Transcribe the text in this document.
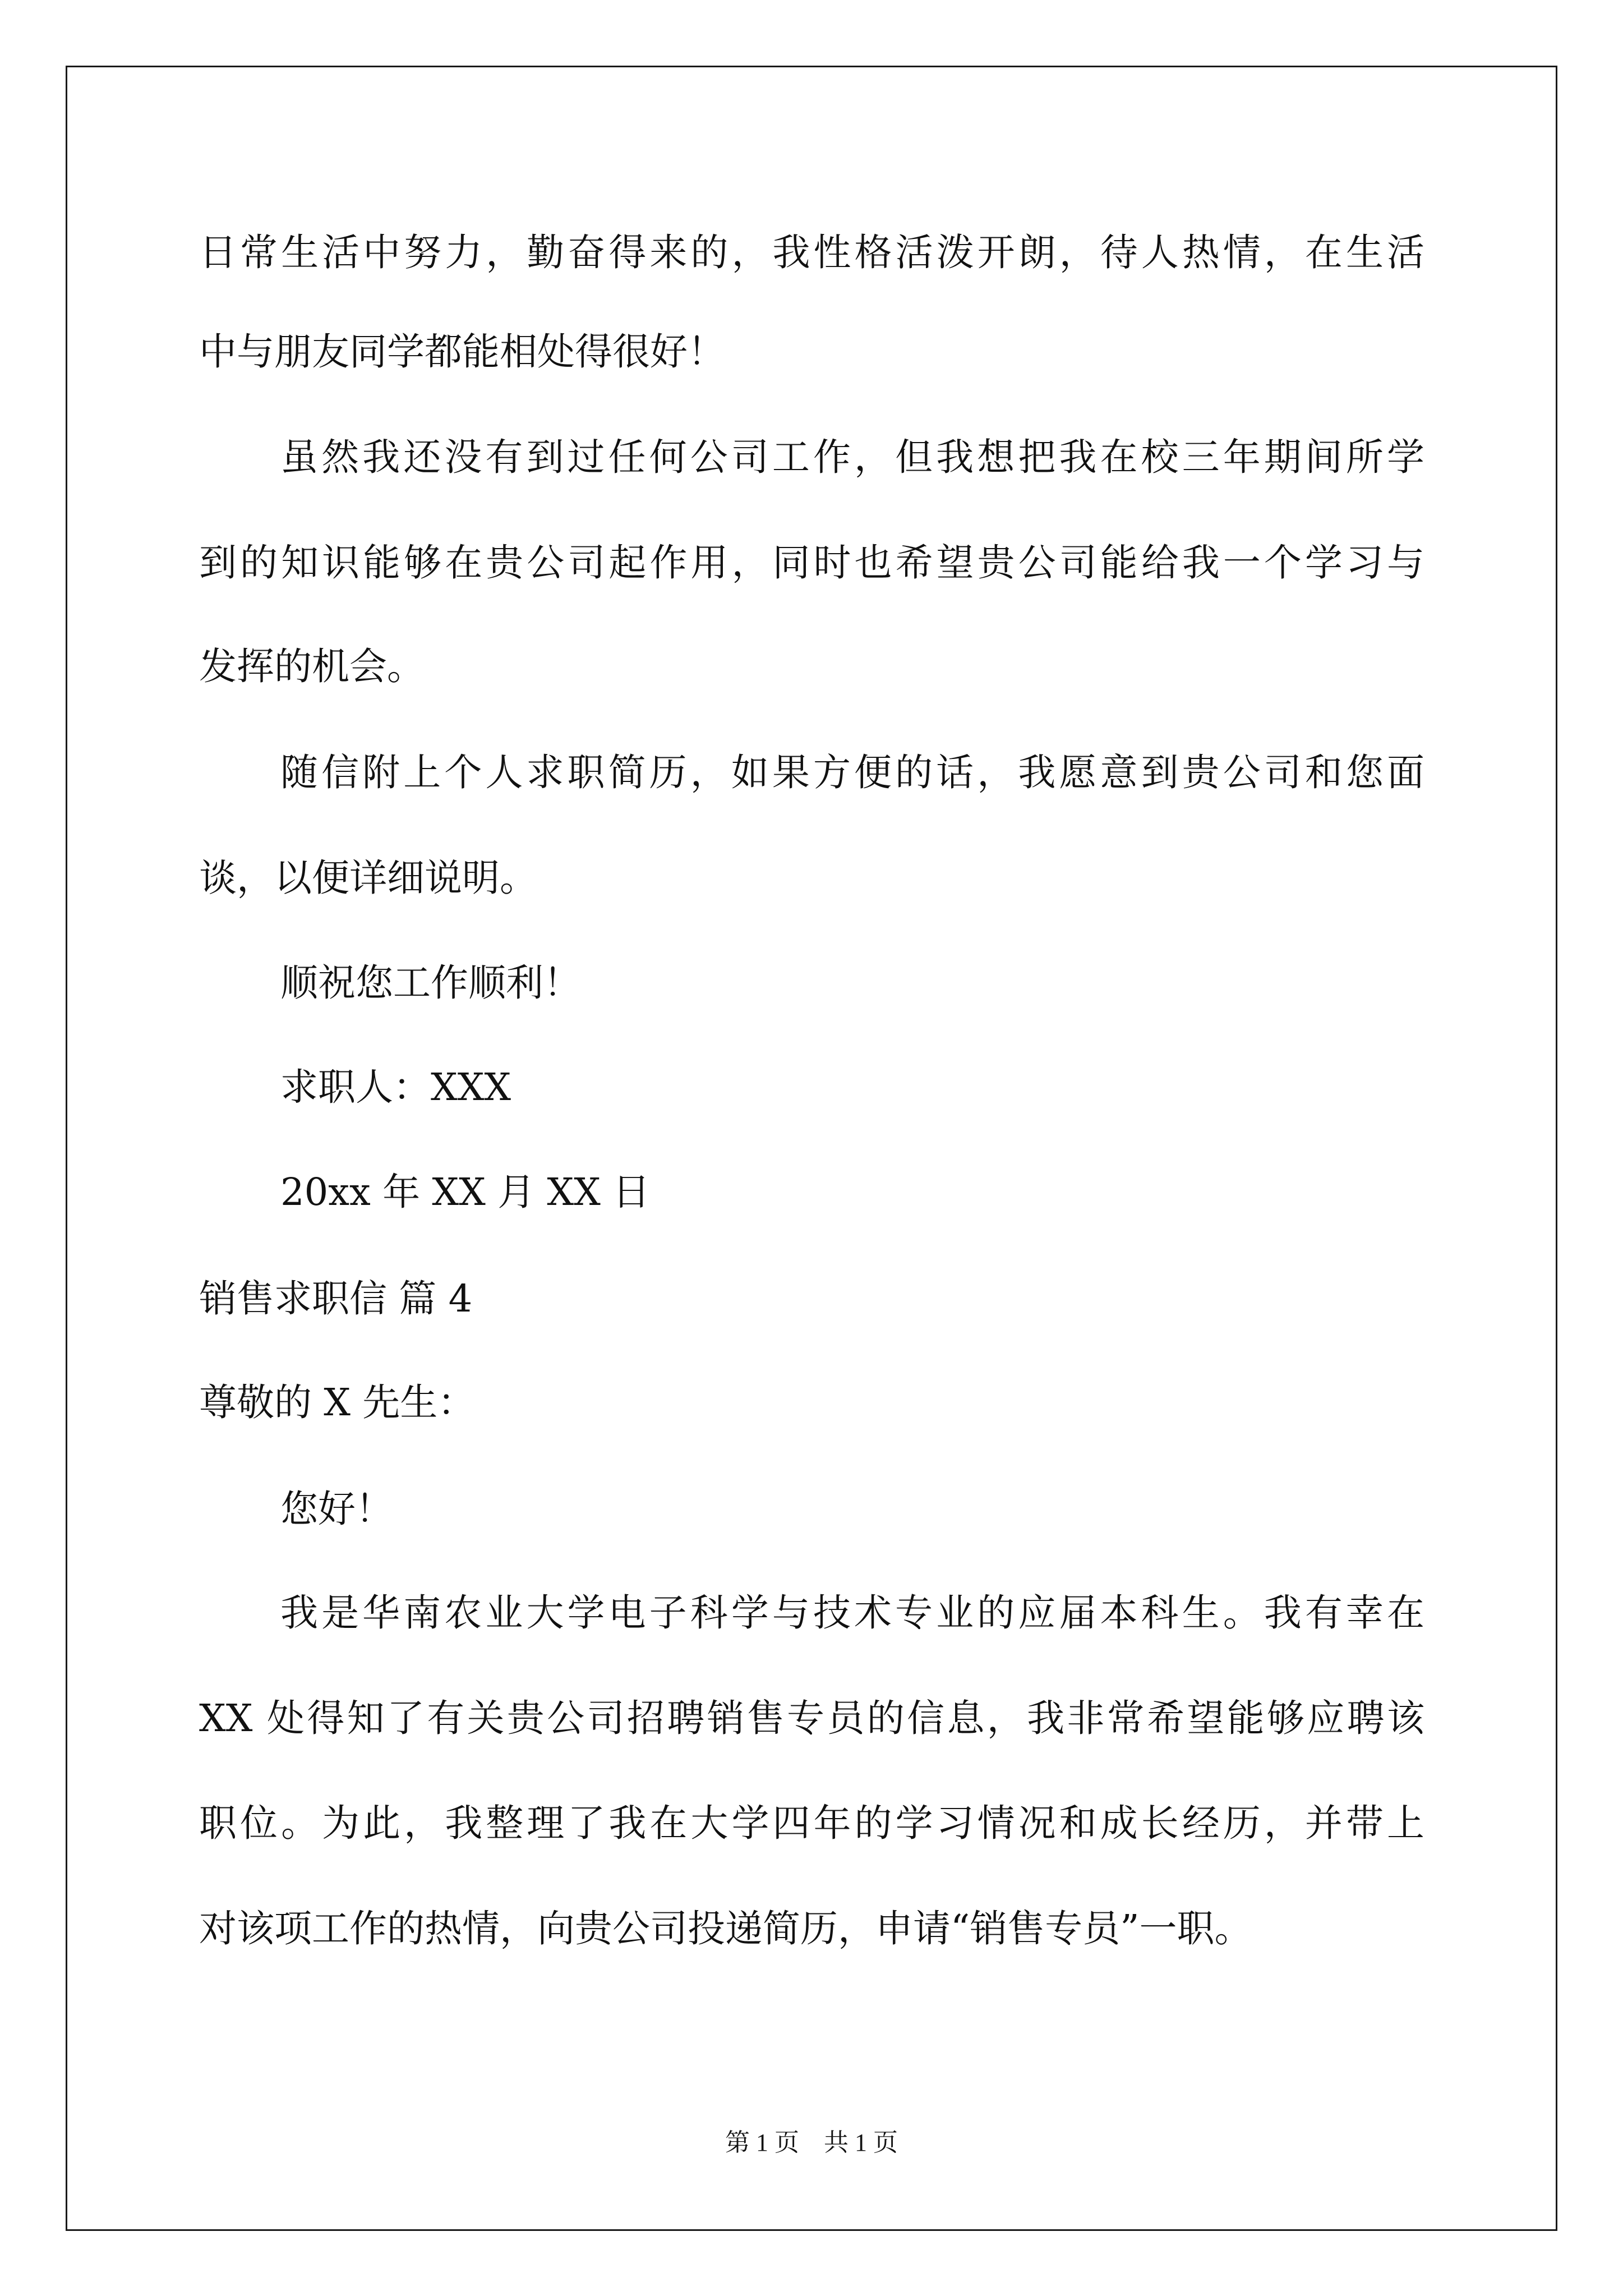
日常生活中努力，勤奋得来的，我性格活泼开朗，待人热情，在生活
中与朋友同学都能相处得很好！
虽然我还没有到过任何公司工作，但我想把我在校三年期间所学
到的知识能够在贵公司起作用，同时也希望贵公司能给我一个学习与
发挥的机会。
随信附上个人求职简历，如果方便的话，我愿意到贵公司和您面
谈，以便详细说明。
顺祝您工作顺利！
求职人：XXX
20xx 年 XX 月 XX 日
销售求职信 篇 4
尊敬的 X 先生：
您好！
我是华南农业大学电子科学与技术专业的应届本科生。我有幸在
XX 处得知了有关贵公司招聘销售专员的信息，我非常希望能够应聘该
职位。为此，我整理了我在大学四年的学习情况和成长经历，并带上
对该项工作的热情，向贵公司投递简历，申请“销售专员”一职。
第 1 页　共 1 页
